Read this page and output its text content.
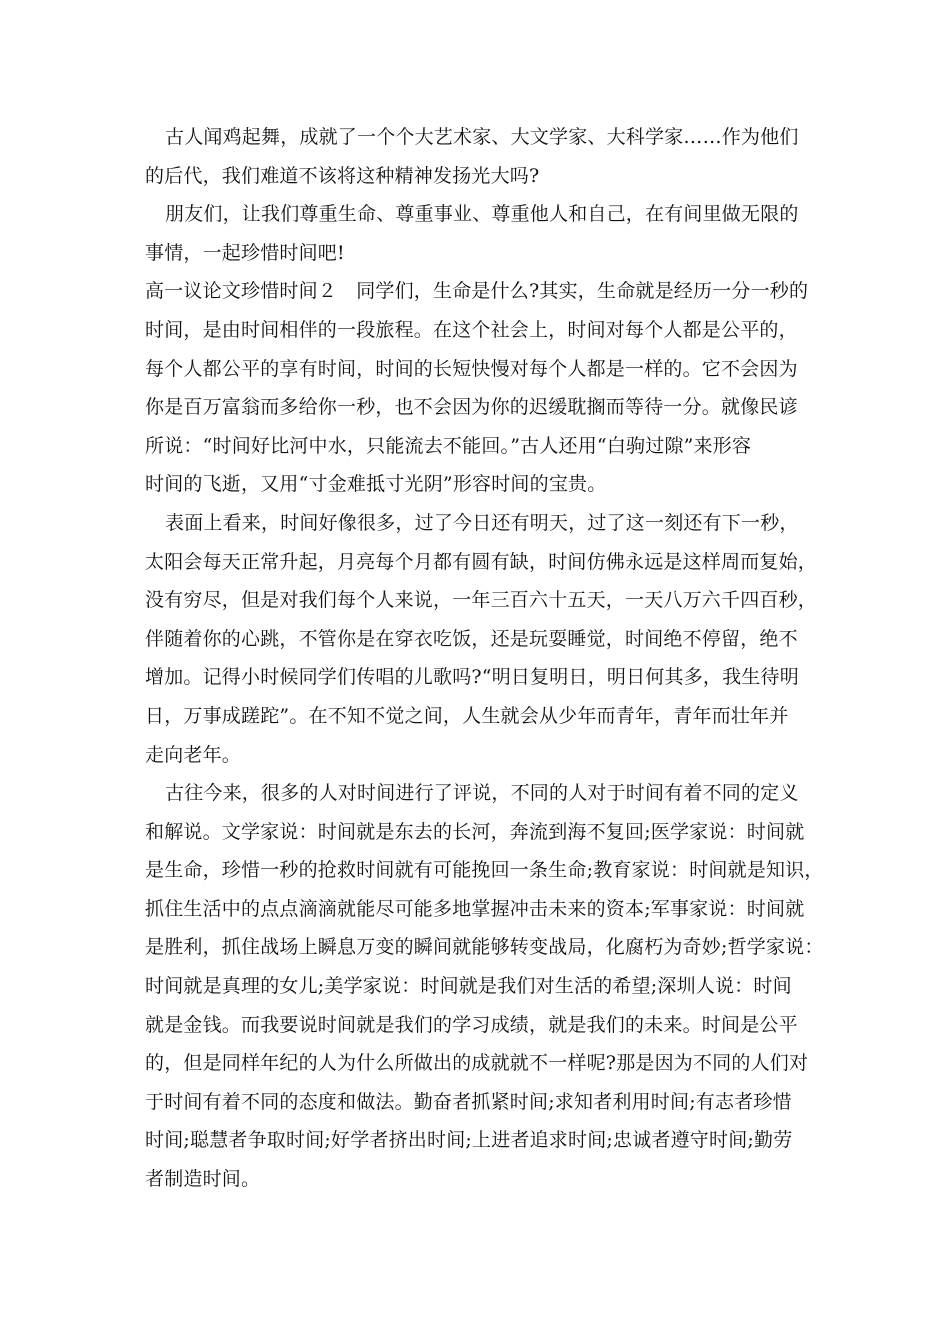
古人闻鸡起舞，成就了一个个大艺术家、大文学家、大科学家……作为他们
的后代，我们难道不该将这种精神发扬光大吗?
朋友们，让我们尊重生命、尊重事业、尊重他人和自己，在有间里做无限的
事情，一起珍惜时间吧!
高一议论文珍惜时间２　同学们，生命是什么?其实，生命就是经历一分一秒的
时间，是由时间相伴的一段旅程。在这个社会上，时间对每个人都是公平的，
每个人都公平的享有时间，时间的长短快慢对每个人都是一样的。它不会因为
你是百万富翁而多给你一秒，也不会因为你的迟缓耽搁而等待一分。就像民谚
所说：“时间好比河中水，只能流去不能回。”古人还用“白驹过隙”来形容
时间的飞逝，又用“寸金难抵寸光阴”形容时间的宝贵。
表面上看来，时间好像很多，过了今日还有明天，过了这一刻还有下一秒，
太阳会每天正常升起，月亮每个月都有圆有缺，时间仿佛永远是这样周而复始，
没有穷尽，但是对我们每个人来说，一年三百六十五天，一天八万六千四百秒，
伴随着你的心跳，不管你是在穿衣吃饭，还是玩耍睡觉，时间绝不停留，绝不
增加。记得小时候同学们传唱的儿歌吗?“明日复明日，明日何其多，我生待明
日，万事成蹉跎”。在不知不觉之间，人生就会从少年而青年，青年而壮年并
走向老年。
古往今来，很多的人对时间进行了评说，不同的人对于时间有着不同的定义
和解说。文学家说：时间就是东去的长河，奔流到海不复回;医学家说：时间就
是生命，珍惜一秒的抢救时间就有可能挽回一条生命;教育家说：时间就是知识，
抓住生活中的点点滴滴就能尽可能多地掌握冲击未来的资本;军事家说：时间就
是胜利，抓住战场上瞬息万变的瞬间就能够转变战局，化腐朽为奇妙;哲学家说：
时间就是真理的女儿;美学家说：时间就是我们对生活的希望;深圳人说：时间
就是金钱。而我要说时间就是我们的学习成绩，就是我们的未来。时间是公平
的，但是同样年纪的人为什么所做出的成就就不一样呢?那是因为不同的人们对
于时间有着不同的态度和做法。勤奋者抓紧时间;求知者利用时间;有志者珍惜
时间;聪慧者争取时间;好学者挤出时间;上进者追求时间;忠诚者遵守时间;勤劳
者制造时间。
